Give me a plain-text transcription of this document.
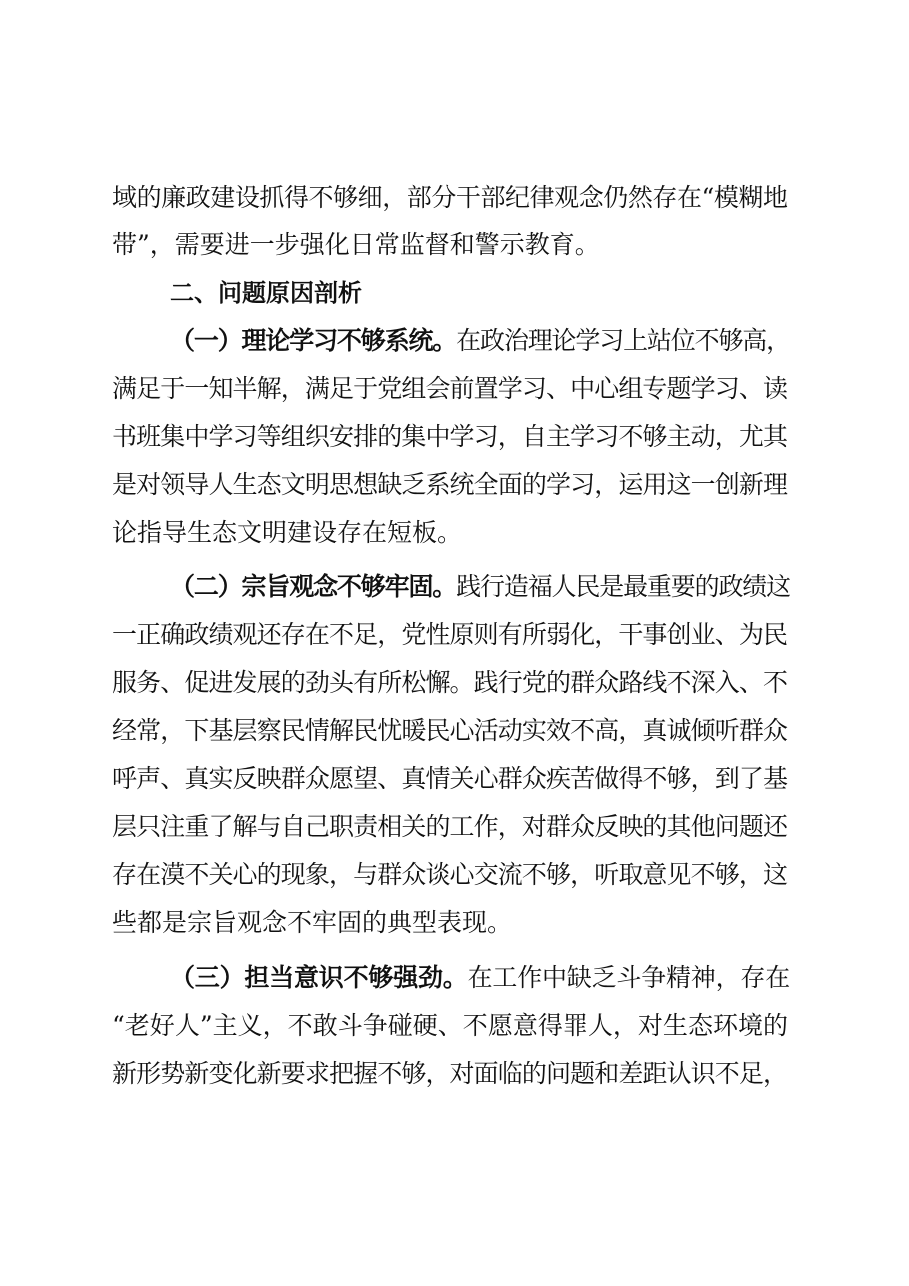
域的廉政建设抓得不够细，部分干部纪律观念仍然存在“模糊地
带”，需要进一步强化日常监督和警示教育。
二、问题原因剖析
（一）理论学习不够系统。在政治理论学习上站位不够高，
满足于一知半解，满足于党组会前置学习、中心组专题学习、读
书班集中学习等组织安排的集中学习，自主学习不够主动，尤其
是对领导人生态文明思想缺乏系统全面的学习，运用这一创新理
论指导生态文明建设存在短板。
（二）宗旨观念不够牢固。践行造福人民是最重要的政绩这
一正确政绩观还存在不足，党性原则有所弱化，干事创业、为民
服务、促进发展的劲头有所松懈。践行党的群众路线不深入、不
经常，下基层察民情解民忧暖民心活动实效不高，真诚倾听群众
呼声、真实反映群众愿望、真情关心群众疾苦做得不够，到了基
层只注重了解与自己职责相关的工作，对群众反映的其他问题还
存在漠不关心的现象，与群众谈心交流不够，听取意见不够，这
些都是宗旨观念不牢固的典型表现。
（三）担当意识不够强劲。在工作中缺乏斗争精神，存在
“老好人”主义，不敢斗争碰硬、不愿意得罪人，对生态环境的
新形势新变化新要求把握不够，对面临的问题和差距认识不足，
